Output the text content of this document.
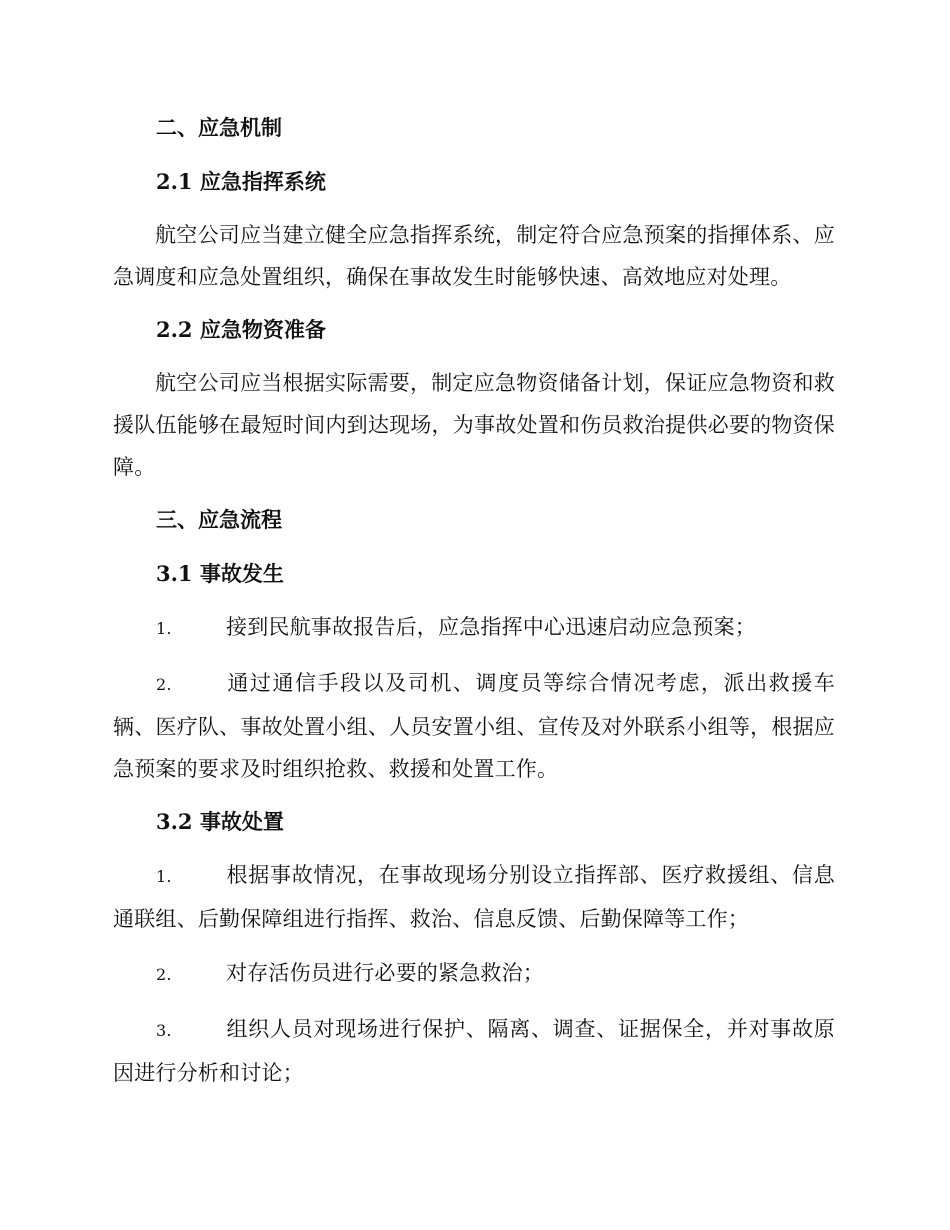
二、应急机制

2.1 应急指挥系统

航空公司应当建立健全应急指挥系统，制定符合应急预案的指揮体系、应急调度和应急处置组织，确保在事故发生时能够快速、高效地应对处理。

2.2 应急物资准备

航空公司应当根据实际需要，制定应急物资储备计划，保证应急物资和救援队伍能够在最短时间内到达现场，为事故处置和伤员救治提供必要的物资保障。

三、应急流程

3.1 事故发生

1.	接到民航事故报告后，应急指挥中心迅速启动应急预案；

2.	通过通信手段以及司机、调度员等综合情况考虑，派出救援车辆、医疗队、事故处置小组、人员安置小组、宣传及对外联系小组等，根据应急预案的要求及时组织抢救、救援和处置工作。

3.2 事故处置

1.	根据事故情况，在事故现场分别设立指挥部、医疗救援组、信息通联组、后勤保障组进行指挥、救治、信息反馈、后勤保障等工作；

2.	对存活伤员进行必要的紧急救治；

3.	组织人员对现场进行保护、隔离、调查、证据保全，并对事故原因进行分析和讨论；
